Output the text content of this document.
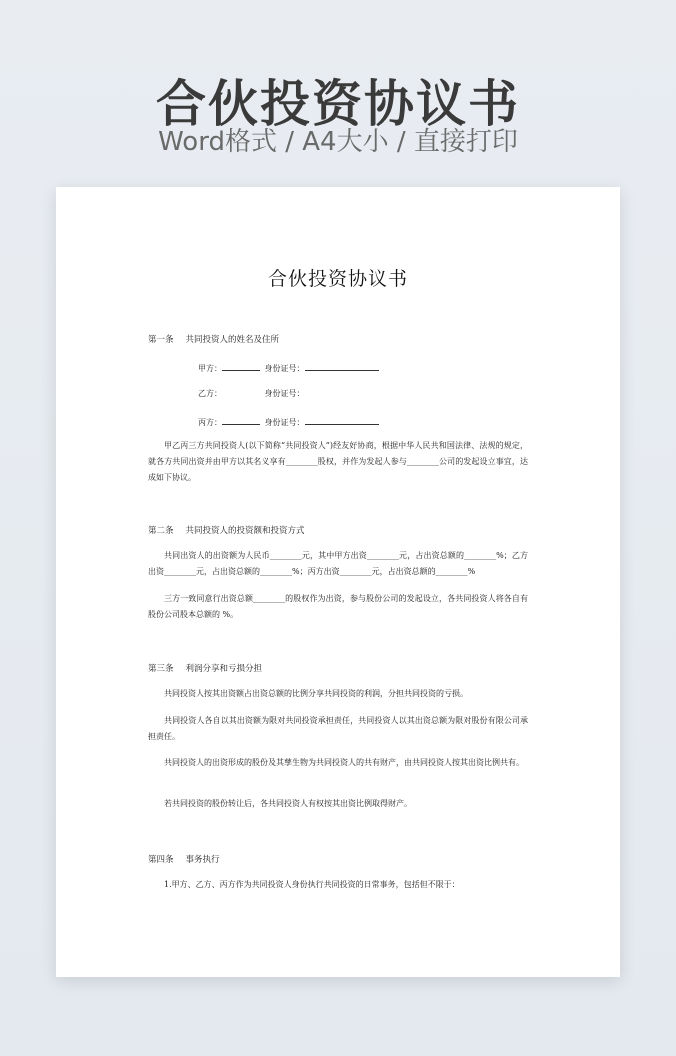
合伙投资协议书
Word格式 / A4大小 / 直接打印
合伙投资协议书
第一条 共同投资人的姓名及住所
甲方：	身份证号：
乙方：	身份证号：
丙方：	身份证号：
甲乙丙三方共同投资人(以下简称“共同投资人”)经友好协商，根据中华人民共和国法律、法规的规定，就各方共同出资并由甲方以其名义享有________股权，并作为发起人参与________公司的发起设立事宜，达成如下协议。
第二条 共同投资人的投资额和投资方式
共同出资人的出资额为人民币________元，其中甲方出资________元，占出资总额的________%；乙方出资________元，占出资总额的________%；丙方出资________元，占出资总额的________%
三方一致同意行出资总额________的股权作为出资，参与股份公司的发起设立，各共同投资人将各自有股份公司股本总额的 %。
第三条 利润分享和亏损分担
共同投资人按其出资额占出资总额的比例分享共同投资的利润，分担共同投资的亏损。
共同投资人各自以其出资额为限对共同投资承担责任，共同投资人以其出资总额为限对股份有限公司承担责任。
共同投资人的出资形成的股份及其孳生物为共同投资人的共有财产，由共同投资人按其出资比例共有。
若共同投资的股份转让后，各共同投资人有权按其出资比例取得财产。
第四条 事务执行
1.甲方、乙方、丙方作为共同投资人身份执行共同投资的日常事务，包括但不限于：
